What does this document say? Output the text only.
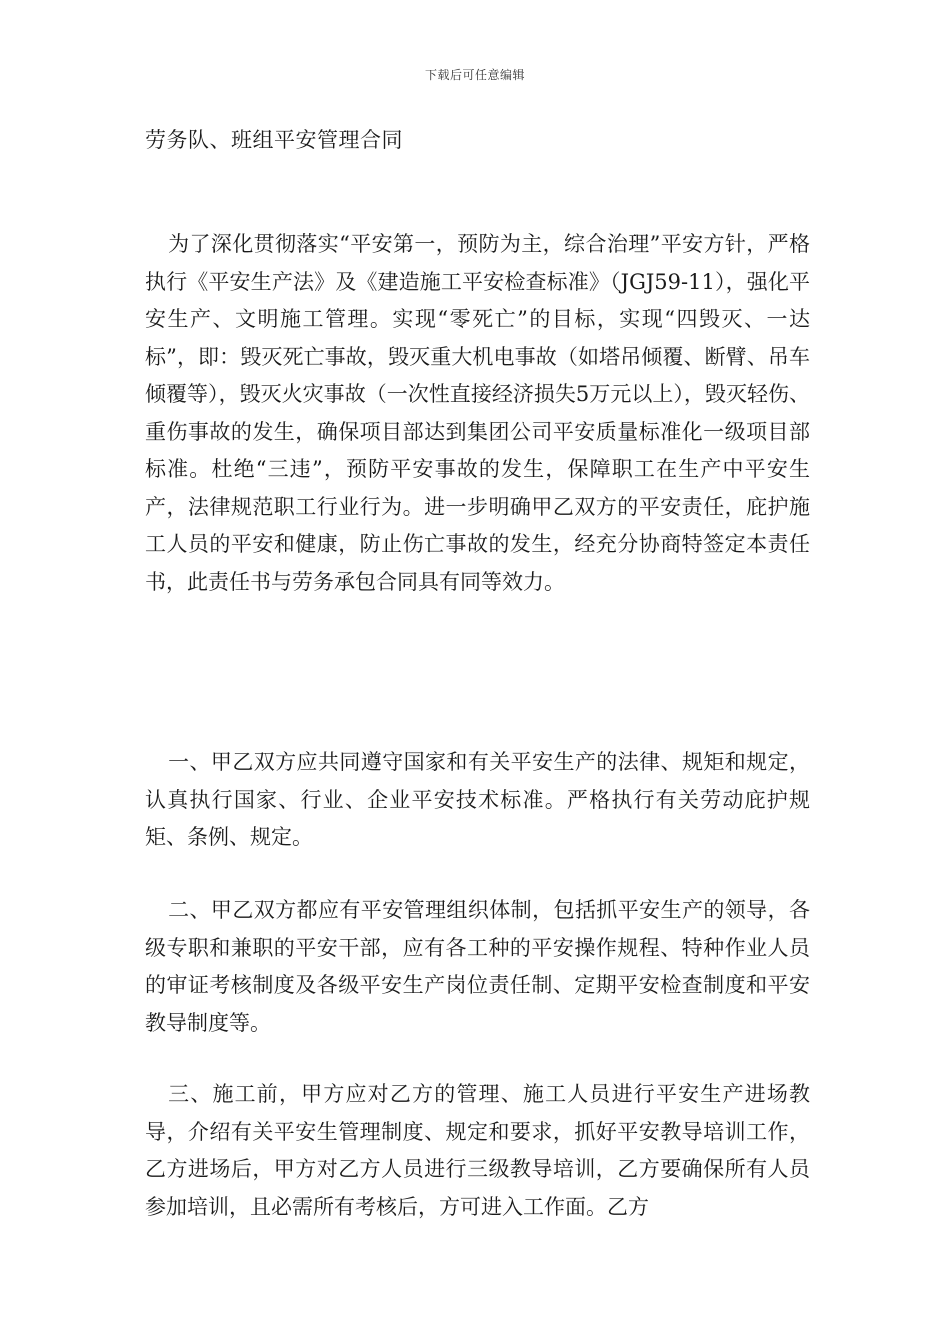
下载后可任意编辑
劳务队、班组平安管理合同

为了深化贯彻落实“平安第一，预防为主，综合治理”平安方针，严格执行《平安生产法》及《建造施工平安检查标准》（JGJ59-11），强化平安生产、文明施工管理。实现“零死亡”的目标，实现“四毁灭、一达标”，即：毁灭死亡事故，毁灭重大机电事故（如塔吊倾覆、断臂、吊车倾覆等），毁灭火灾事故（一次性直接经济损失5万元以上），毁灭轻伤、重伤事故的发生，确保项目部达到集团公司平安质量标准化一级项目部标准。杜绝“三违”，预防平安事故的发生，保障职工在生产中平安生产，法律规范职工行业行为。进一步明确甲乙双方的平安责任，庇护施工人员的平安和健康，防止伤亡事故的发生，经充分协商特签定本责任书，此责任书与劳务承包合同具有同等效力。

一、甲乙双方应共同遵守国家和有关平安生产的法律、规矩和规定，认真执行国家、行业、企业平安技术标准。严格执行有关劳动庇护规矩、条例、规定。

二、甲乙双方都应有平安管理组织体制，包括抓平安生产的领导，各级专职和兼职的平安干部，应有各工种的平安操作规程、特种作业人员的审证考核制度及各级平安生产岗位责任制、定期平安检查制度和平安教导制度等。

三、施工前，甲方应对乙方的管理、施工人员进行平安生产进场教导，介绍有关平安生管理制度、规定和要求，抓好平安教导培训工作，乙方进场后，甲方对乙方人员进行三级教导培训，乙方要确保所有人员参加培训，且必需所有考核后，方可进入工作面。乙方
